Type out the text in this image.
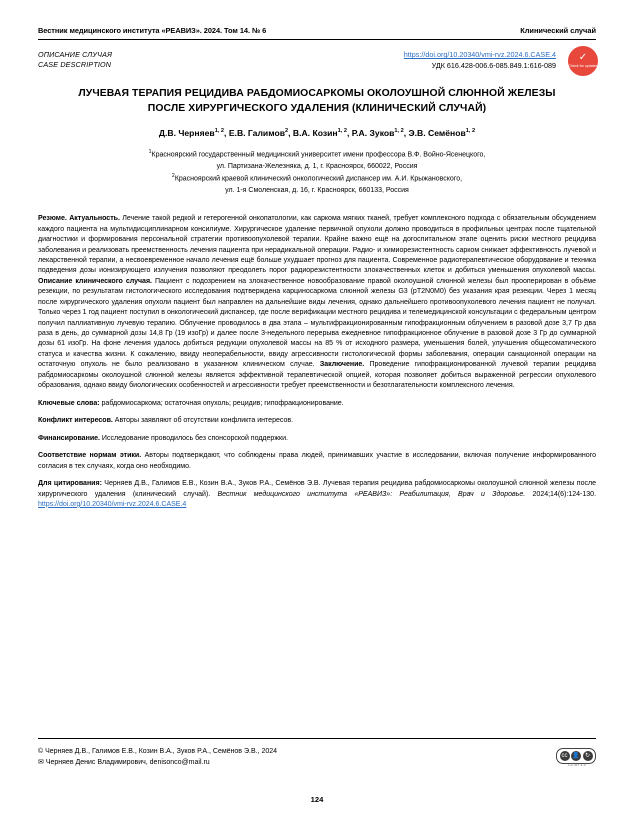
Вестник медицинского института «РЕАВИЗ». 2024. Том 14. № 6	Клинический случай
ОПИСАНИЕ СЛУЧАЯ
CASE DESCRIPTION
https://doi.org/10.20340/vmi-rvz.2024.6.CASE.4
УДК 616.428-006.6-085.849.1:616-089
✓
Check for updates
ЛУЧЕВАЯ ТЕРАПИЯ РЕЦИДИВА РАБДОМИОСАРКОМЫ ОКОЛОУШНОЙ СЛЮННОЙ ЖЕЛЕЗЫ ПОСЛЕ ХИРУРГИЧЕСКОГО УДАЛЕНИЯ (КЛИНИЧЕСКИЙ СЛУЧАЙ)
Д.В. Черняев$^{1, 2}$, Е.В. Галимов$^2$, В.А. Козин$^{1, 2}$, Р.А. Зуков$^{1, 2}$, Э.В. Семёнов$^{1, 2}$
$^1$Красноярский государственный медицинский университет имени профессора В.Ф. Войно-Ясенецкого,
ул. Партизана-Железняка, д. 1, г. Красноярск, 660022, Россия
$^2$Красноярский краевой клинический онкологический диспансер им. А.И. Крыжановского,
ул. 1-я Смоленская, д. 16, г. Красноярск, 660133, Россия

Резюме. Актуальность. Лечение такой редкой и гетерогенной онкопатологии, как саркома мягких тканей, требует комплексного подхода с обязательным обсуждением каждого пациента на мультидисциплинарном консилиуме. Хирургическое удаление первичной опухоли должно проводиться в профильных центрах после тщательной диагностики и формирования персональной стратегии противоопухолевой терапии. Крайне важно ещё на догоспитальном этапе оценить риски местного рецидива заболевания и реализовать преемственность лечения пациента при нерадикальной операции. Радио- и химиорезистентность сарком снижает эффективность лучевой и лекарственной терапии, а несвоевременное начало лечения ещё больше ухудшает прогноз для пациента. Современное радиотерапевтическое оборудование и техника подведения дозы ионизирующего излучения позволяют преодолеть порог радиорезистентности злокачественных клеток и добиться уменьшения опухолевой массы. Описание клинического случая. Пациент с подозрением на злокачественное новообразование правой околоушной слюнной железы был прооперирован в объёме резекции, по результатам гистологического исследования подтверждена карциносаркома слюнной железы G3 (pT2N0M0) без указания края резекции. Через 1 месяц после хирургического удаления опухоли пациент был направлен на дальнейшие виды лечения, однако дальнейшего противоопухолевого лечения пациент не получал. Только через 1 год пациент поступил в онкологический диспансер, где после верификации местного рецидива и телемедицинской консультации с федеральным центром получил паллиативную лучевую терапию. Облучение проводилось в два этапа – мультифракционированным гипофракционным облучением в разовой дозе 3,7 Гр два раза в день, до суммарной дозы 14,8 Гр (19 изоГр) и далее после 3-недельного перерыва ежедневное гипофракционное облучение в разовой дозе 3 Гр до суммарной дозы 61 изоГр. На фоне лечения удалось добиться редукции опухолевой массы на 85 % от исходного размера, уменьшения болей, улучшения общесоматического статуса и качества жизни. К сожалению, ввиду неоперабельности, ввиду агрессивности гистологической формы заболевания, операции санационной операции на остаточную опухоль не было реализовано в указанном клиническом случае. Заключение. Проведение гипофракционированной лучевой терапии рецидива рабдомиосаркомы околоушной слюнной железы является эффективной терапевтической опцией, которая позволяет добиться выраженной регрессии опухолевого образования, однако ввиду биологических особенностей и агрессивности требует преемственности и безотлагательности комплексного лечения.

Ключевые слова: рабдомиосаркома; остаточная опухоль; рецидив; гипофракционирование.

Конфликт интересов. Авторы заявляют об отсутствии конфликта интересов.

Финансирование. Исследование проводилось без спонсорской поддержки.

Соответствие нормам этики. Авторы подтверждают, что соблюдены права людей, принимавших участие в исследовании, включая получение информированного согласия в тех случаях, когда оно необходимо.

Для цитирования: Черняев Д.В., Галимов Е.В., Козин В.А., Зуков Р.А., Семёнов Э.В. Лучевая терапия рецидива рабдомиосаркомы околоушной слюнной железы после хирургического удаления (клинический случай). Вестник медицинского института «РЕАВИЗ»: Реабилитация, Врач и Здоровье. 2024;14(6):124-130. https://doi.org/10.20340/vmi-rvz.2024.6.CASE.4

© Черняев Д.В., Галимов Е.В., Козин В.А., Зуков Р.А., Семёнов Э.В., 2024
✉ Черняев Денис Владимирович, denisonco@mail.ru
cc 👤 ↻
CC BY 4.0
124
